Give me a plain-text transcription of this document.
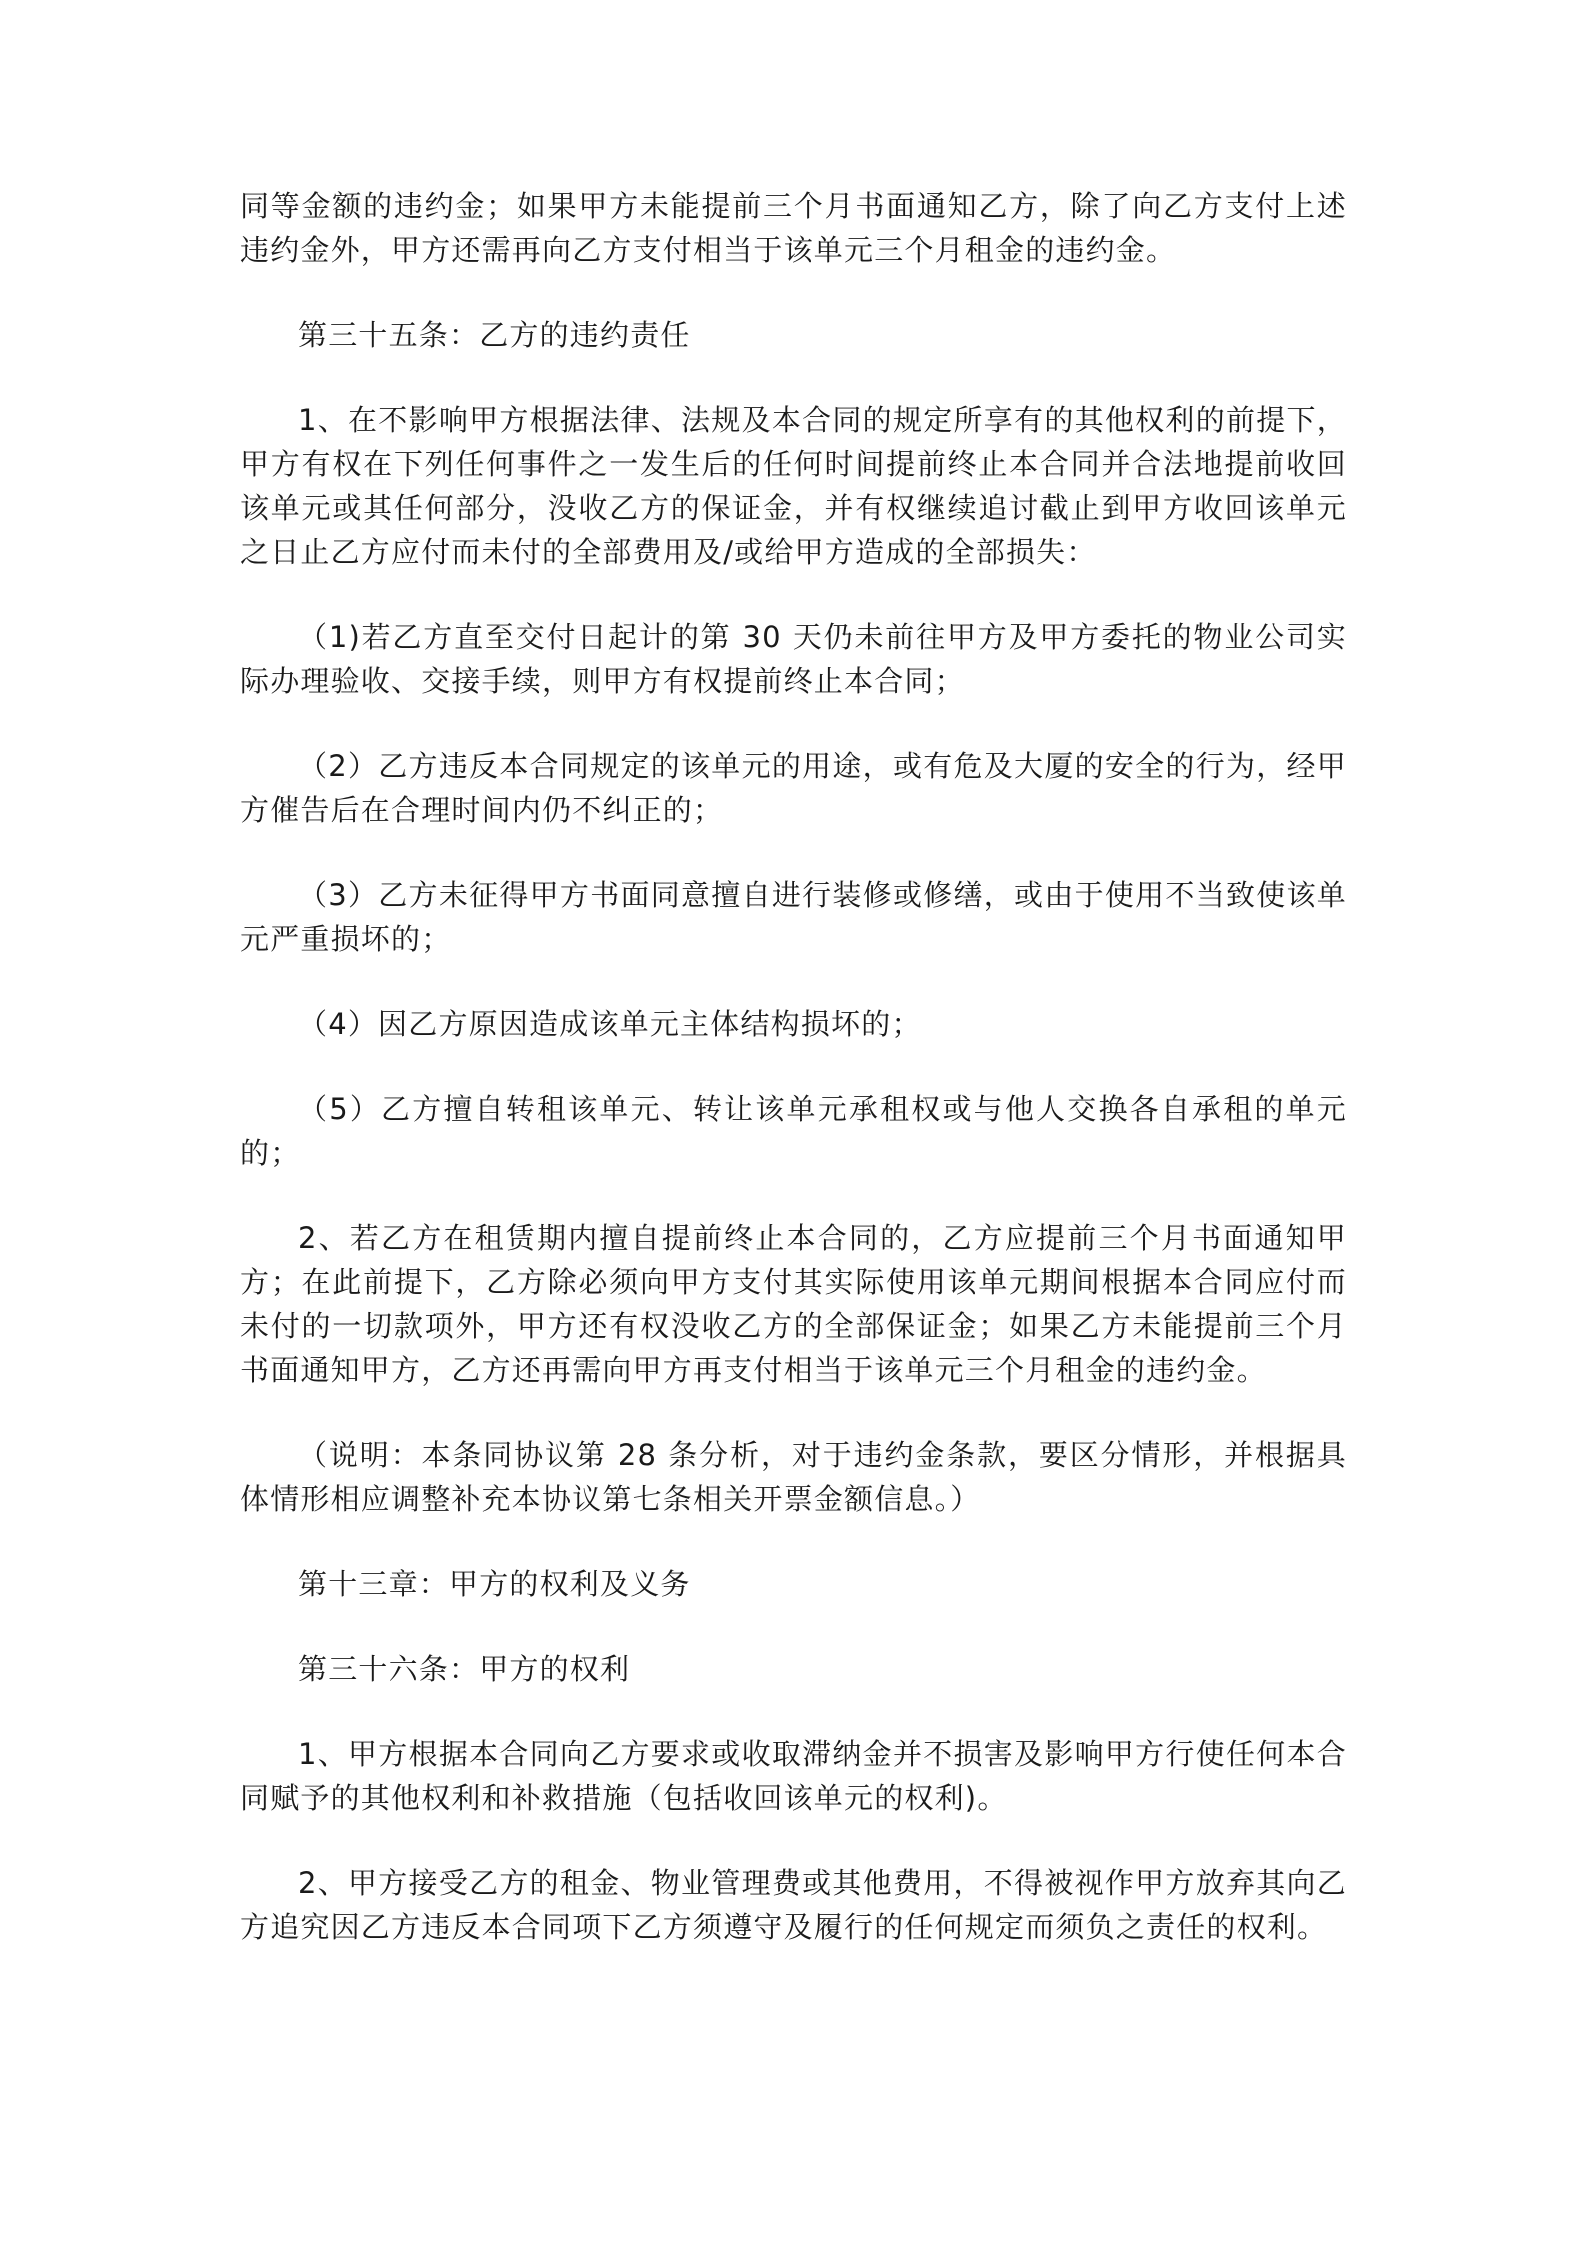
同等金额的违约金；如果甲方未能提前三个月书面通知乙方，除了向乙方支付上述违约金外，甲方还需再向乙方支付相当于该单元三个月租金的违约金。

第三十五条：乙方的违约责任

1、在不影响甲方根据法律、法规及本合同的规定所享有的其他权利的前提下，甲方有权在下列任何事件之一发生后的任何时间提前终止本合同并合法地提前收回该单元或其任何部分，没收乙方的保证金，并有权继续追讨截止到甲方收回该单元之日止乙方应付而未付的全部费用及/或给甲方造成的全部损失：

（1)若乙方直至交付日起计的第 30 天仍未前往甲方及甲方委托的物业公司实际办理验收、交接手续，则甲方有权提前终止本合同；

（2）乙方违反本合同规定的该单元的用途，或有危及大厦的安全的行为，经甲方催告后在合理时间内仍不纠正的；

（3）乙方未征得甲方书面同意擅自进行装修或修缮，或由于使用不当致使该单元严重损坏的；

（4）因乙方原因造成该单元主体结构损坏的；

（5）乙方擅自转租该单元、转让该单元承租权或与他人交换各自承租的单元的；

2、若乙方在租赁期内擅自提前终止本合同的，乙方应提前三个月书面通知甲方；在此前提下，乙方除必须向甲方支付其实际使用该单元期间根据本合同应付而未付的一切款项外，甲方还有权没收乙方的全部保证金；如果乙方未能提前三个月书面通知甲方，乙方还再需向甲方再支付相当于该单元三个月租金的违约金。

（说明：本条同协议第 28 条分析，对于违约金条款，要区分情形，并根据具体情形相应调整补充本协议第七条相关开票金额信息。）

第十三章：甲方的权利及义务

第三十六条：甲方的权利

1、甲方根据本合同向乙方要求或收取滞纳金并不损害及影响甲方行使任何本合同赋予的其他权利和补救措施（包括收回该单元的权利)。

2、甲方接受乙方的租金、物业管理费或其他费用，不得被视作甲方放弃其向乙方追究因乙方违反本合同项下乙方须遵守及履行的任何规定而须负之责任的权利。
